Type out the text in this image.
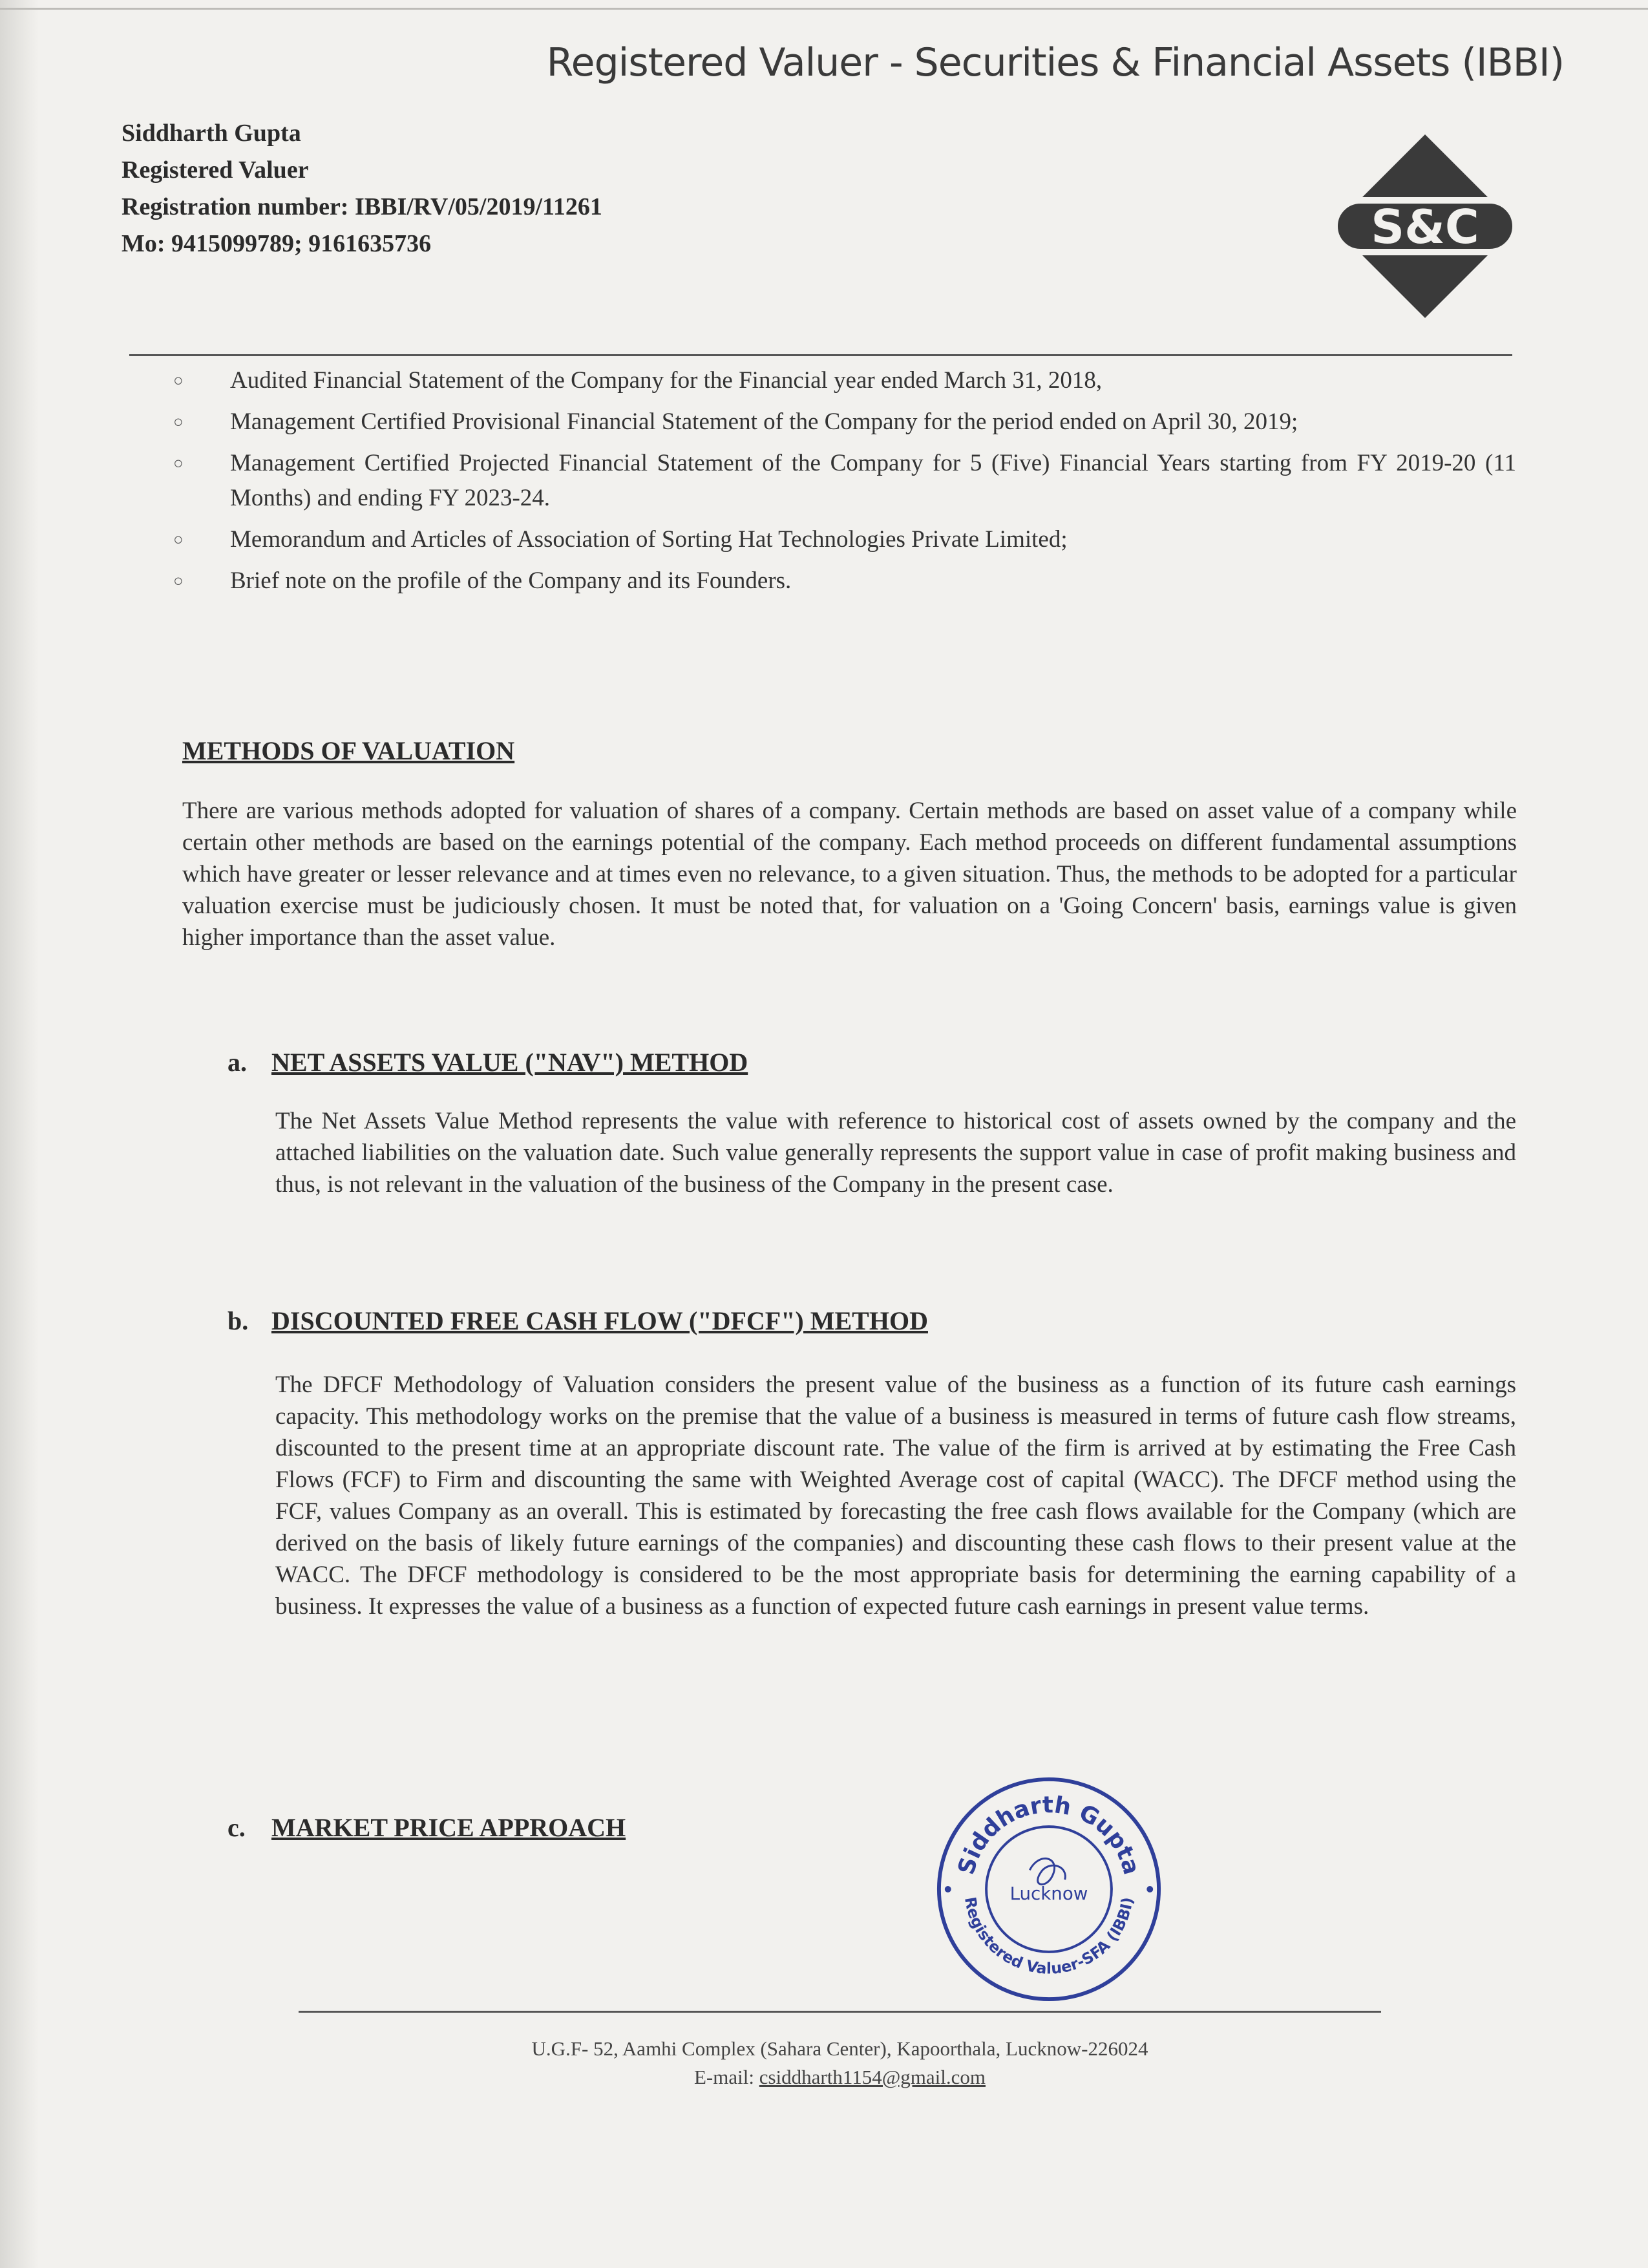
Registered Valuer - Securities & Financial Assets (IBBI)
Siddharth Gupta
Registered Valuer
Registration number: IBBI/RV/05/2019/11261
Mo: 9415099789; 9161635736	S&C
○ Audited Financial Statement of the Company for the Financial year ended March 31, 2018,
○ Management Certified Provisional Financial Statement of the Company for the period ended on April 30, 2019;
○ Management Certified Projected Financial Statement of the Company for 5 (Five) Financial Years starting from FY 2019-20 (11 Months) and ending FY 2023-24.
○ Memorandum and Articles of Association of Sorting Hat Technologies Private Limited;
○ Brief note on the profile of the Company and its Founders.
METHODS OF VALUATION

There are various methods adopted for valuation of shares of a company. Certain methods are based on asset value of a company while certain other methods are based on the earnings potential of the company. Each method proceeds on different fundamental assumptions which have greater or lesser relevance and at times even no relevance, to a given situation. Thus, the methods to be adopted for a particular valuation exercise must be judiciously chosen. It must be noted that, for valuation on a 'Going Concern' basis, earnings value is given higher importance than the asset value.

a. NET ASSETS VALUE ("NAV") METHOD

The Net Assets Value Method represents the value with reference to historical cost of assets owned by the company and the attached liabilities on the valuation date. Such value generally represents the support value in case of profit making business and thus, is not relevant in the valuation of the business of the Company in the present case.

b. DISCOUNTED FREE CASH FLOW ("DFCF") METHOD

The DFCF Methodology of Valuation considers the present value of the business as a function of its future cash earnings capacity. This methodology works on the premise that the value of a business is measured in terms of future cash flow streams, discounted to the present time at an appropriate discount rate. The value of the firm is arrived at by estimating the Free Cash Flows (FCF) to Firm and discounting the same with Weighted Average cost of capital (WACC). The DFCF method using the FCF, values Company as an overall. This is estimated by forecasting the free cash flows available for the Company (which are derived on the basis of likely future earnings of the companies) and discounting these cash flows to their present value at the WACC. The DFCF methodology is considered to be the most appropriate basis for determining the earning capability of a business. It expresses the value of a business as a function of expected future cash earnings in present value terms.

c. MARKET PRICE APPROACH
Siddharth Gupta
Registered Valuer-SFA (IBBI)
Lucknow
U.G.F- 52, Aamhi Complex (Sahara Center), Kapoorthala, Lucknow-226024
E-mail: csiddharth1154@gmail.com
